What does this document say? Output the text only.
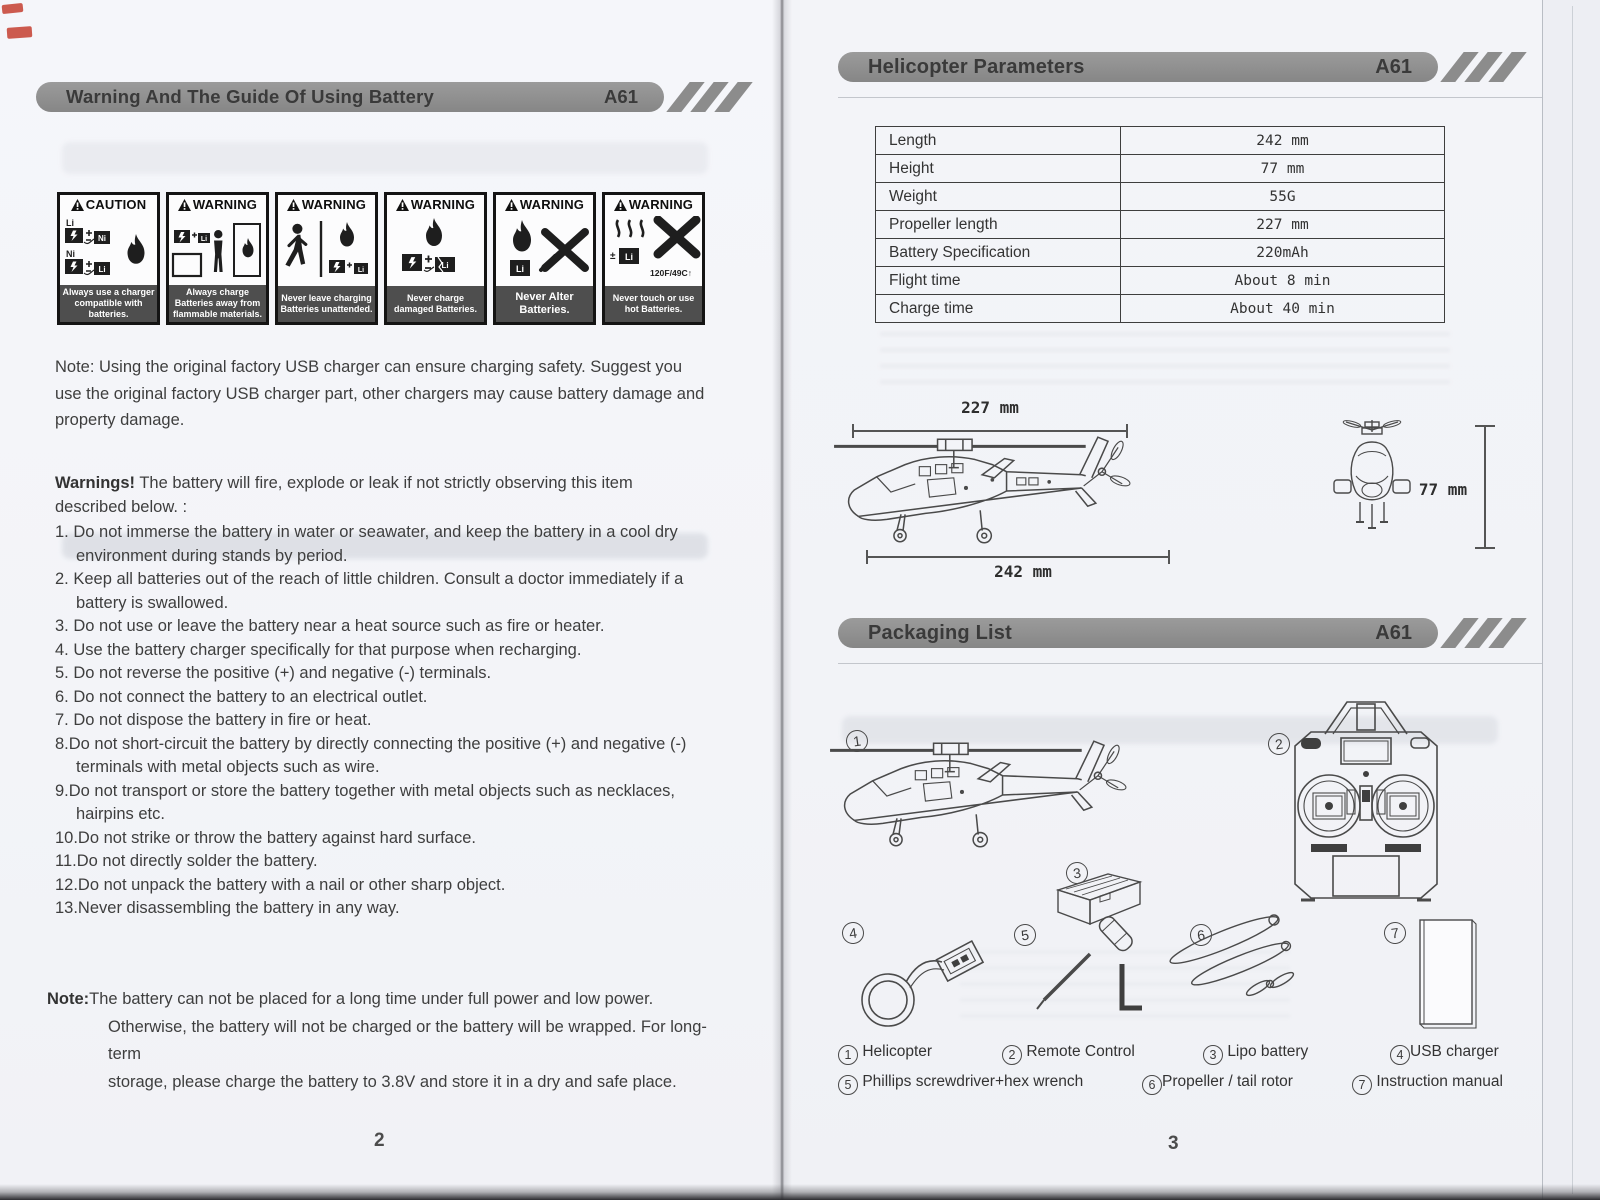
Warning And The Guide Of Using Battery	A61
CAUTION
Li
Ni
Ni
Li
Always use a charger compatible with batteries.
WARNING
Li
Always charge Batteries away from flammable materials.
WARNING
Li
Never leave charging Batteries unattended.
WARNING
Li
Never charge damaged Batteries.
WARNING
Li
Never Alter Batteries.
WARNING
± Li
120F/49C↑
Never touch or use hot Batteries.
Note: Using the original factory USB charger can ensure charging safety. Suggest you use the original factory USB charger part, other chargers may cause battery damage and property damage.
Warnings! The battery will fire, explode or leak if not strictly observing this item described below. :

1. Do not immerse the battery in water or seawater, and keep the battery in a cool dry environment during stands by period.

2. Keep all batteries out of the reach of little children. Consult a doctor immediately if a battery is swallowed.

3. Do not use or leave the battery near a heat source such as fire or heater.

4. Use the battery charger specifically for that purpose when recharging.

5. Do not reverse the positive (+) and negative (-) terminals.

6. Do not connect the battery to an electrical outlet.

7. Do not dispose the battery in fire or heat.

8.Do not short-circuit the battery by directly connecting the positive (+) and negative (-) terminals with metal objects such as wire.

9.Do not transport or store the battery together with metal objects such as necklaces, hairpins etc.

10.Do not strike or throw the battery against hard surface.

11.Do not directly solder the battery.

12.Do not unpack the battery with a nail or other sharp object.

13.Never disassembling the battery in any way.

Note:The battery can not be placed for a long time under full power and low power.
Otherwise, the battery will not be charged or the battery will be wrapped. For long-term
storage, please charge the battery to 3.8V and store it in a dry and safe place.
2
Helicopter Parameters	A61
Length	242 mm
Height	77 mm
Weight	55G
Propeller length	227 mm
Battery Specification	220mAh
Flight time	About 8 min
Charge time	About 40 min
227 mm
242 mm
77 mm
Packaging List	A61
1	2
3
4	5	6	7
1 Helicopter	2 Remote Control	3 Lipo battery	4 USB charger
5 Phillips screwdriver+hex wrench	6 Propeller / tail rotor	7 Instruction manual
3
